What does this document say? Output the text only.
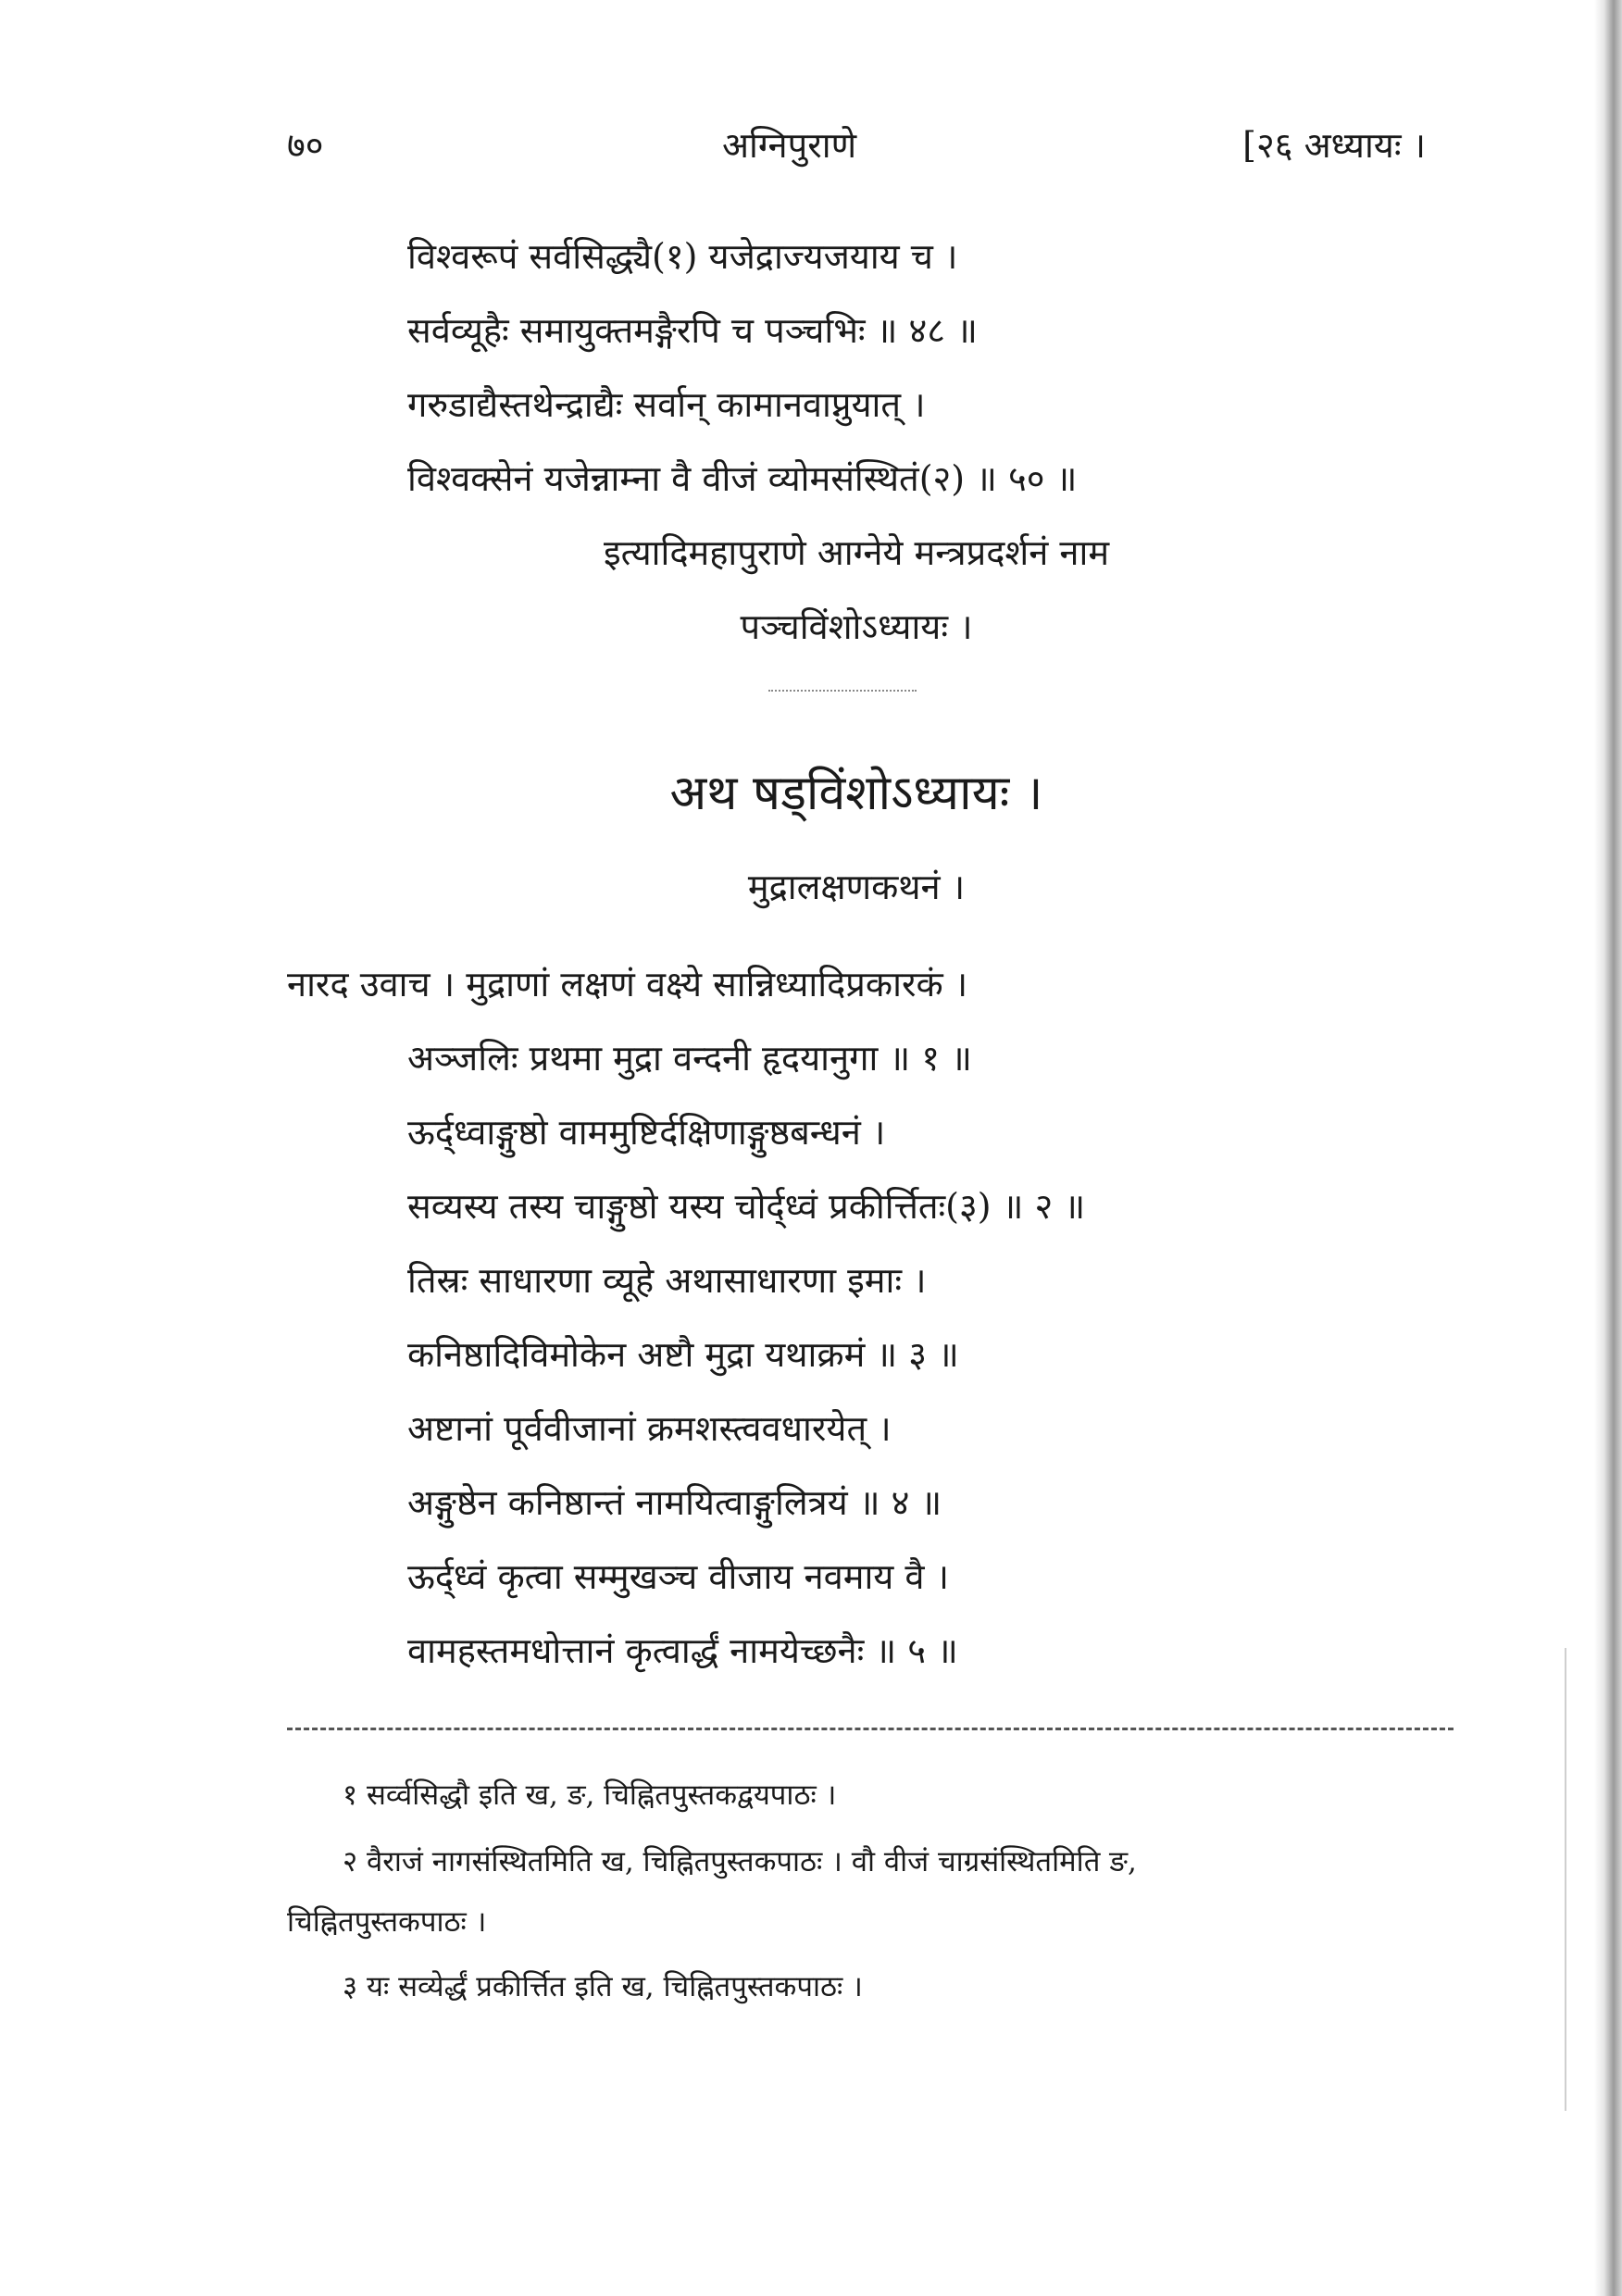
७०	अग्निपुराणे	[२६ अध्यायः ।
विश्वरूपं सर्वसिद्ध्यै(१) यजेद्राज्यजयाय च ।
सर्वव्यूहैः समायुक्तमङ्गैरपि च पञ्चभिः ॥ ४८ ॥
गरुडाद्यैस्तथेन्द्राद्यैः सर्वान् कामानवाप्नुयात् ।
विश्वक्सेनं यजेन्नाम्ना वै वीजं व्योमसंस्थितं(२) ॥ ५० ॥
इत्यादिमहापुराणे आग्नेये मन्त्रप्रदर्शनं नाम
पञ्चविंशोऽध्यायः ।
अथ षड्विंशोऽध्यायः ।
मुद्रालक्षणकथनं ।
नारद उवाच । मुद्राणां लक्षणं वक्ष्ये सान्निध्यादिप्रकारकं ।
अञ्जलिः प्रथमा मुद्रा वन्दनी हृदयानुगा ॥ १ ॥
ऊर्द्ध्वाङ्गुष्ठो वाममुष्टिर्दक्षिणाङ्गुष्ठबन्धनं ।
सव्यस्य तस्य चाङ्गुष्ठो यस्य चोर्द्ध्वं प्रकीर्त्तितः(३) ॥ २ ॥
तिस्रः साधारणा व्यूहे अथासाधारणा इमाः ।
कनिष्ठादिविमोकेन अष्टौ मुद्रा यथाक्रमं ॥ ३ ॥
अष्टानां पूर्ववीजानां क्रमशस्त्ववधारयेत् ।
अङ्गुष्ठेन कनिष्ठान्तं नामयित्वाङ्गुलित्रयं ॥ ४ ॥
ऊर्द्ध्वं कृत्वा सम्मुखञ्च वीजाय नवमाय वै ।
वामहस्तमधोत्तानं कृत्वार्द्धं नामयेच्छनैः ॥ ५ ॥
१ सर्व्वसिद्धौ इति ख, ङ, चिह्नितपुस्तकद्वयपाठः ।
२ वैराजं नागसंस्थितमिति ख, चिह्नितपुस्तकपाठः । वौ वीजं चाग्रसंस्थितमिति ङ,
चिह्नितपुस्तकपाठः ।
३ यः सव्येर्द्धं प्रकीर्त्तित इति ख, चिह्नितपुस्तकपाठः ।
